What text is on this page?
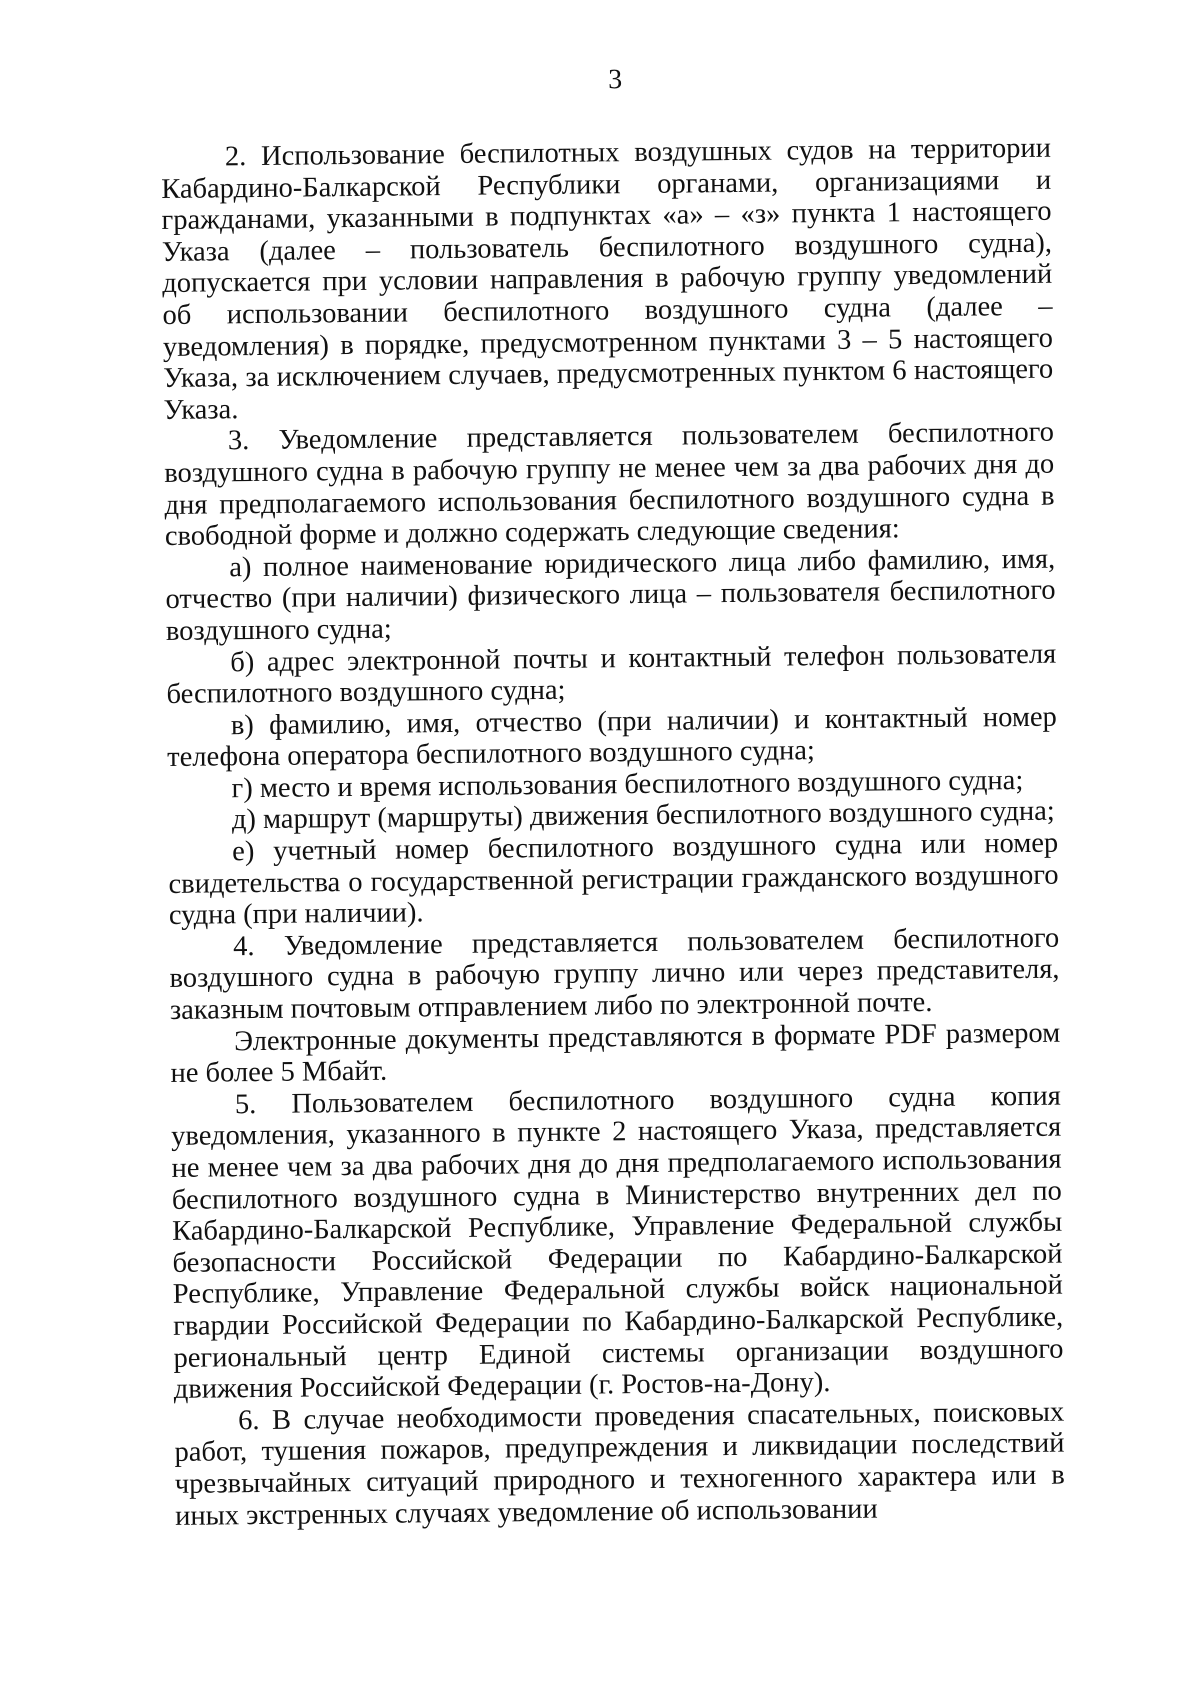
3

2. Использование беспилотных воздушных судов на территории Кабардино-Балкарской Республики органами, организациями и гражданами, указанными в подпунктах «а» – «з» пункта 1 настоящего Указа (далее – пользователь беспилотного воздушного судна), допускается при условии направления в рабочую группу уведомлений об использовании беспилотного воздушного судна (далее – уведомления) в порядке, предусмотренном пунктами 3 – 5 настоящего Указа, за исключением случаев, предусмотренных пунктом 6 настоящего Указа.

3. Уведомление представляется пользователем беспилотного воздушного судна в рабочую группу не менее чем за два рабочих дня до дня предполагаемого использования беспилотного воздушного судна в свободной форме и должно содержать следующие сведения:

а) полное наименование юридического лица либо фамилию, имя, отчество (при наличии) физического лица – пользователя беспилотного воздушного судна;

б) адрес электронной почты и контактный телефон пользователя беспилотного воздушного судна;

в) фамилию, имя, отчество (при наличии) и контактный номер телефона оператора беспилотного воздушного судна;

г) место и время использования беспилотного воздушного судна;

д) маршрут (маршруты) движения беспилотного воздушного судна;

е) учетный номер беспилотного воздушного судна или номер свидетельства о государственной регистрации гражданского воздушного судна (при наличии).

4. Уведомление представляется пользователем беспилотного воздушного судна в рабочую группу лично или через представителя, заказным почтовым отправлением либо по электронной почте.

Электронные документы представляются в формате PDF размером не более 5 Мбайт.

5. Пользователем беспилотного воздушного судна копия уведомления, указанного в пункте 2 настоящего Указа, представляется не менее чем за два рабочих дня до дня предполагаемого использования беспилотного воздушного судна в Министерство внутренних дел по Кабардино-Балкарской Республике, Управление Федеральной службы безопасности Российской Федерации по Кабардино-Балкарской Республике, Управление Федеральной службы войск национальной гвардии Российской Федерации по Кабардино-Балкарской Республике, региональный центр Единой системы организации воздушного движения Российской Федерации (г. Ростов-на-Дону).

6. В случае необходимости проведения спасательных, поисковых работ, тушения пожаров, предупреждения и ликвидации последствий чрезвычайных ситуаций природного и техногенного характера или в иных экстренных случаях уведомление об использовании
